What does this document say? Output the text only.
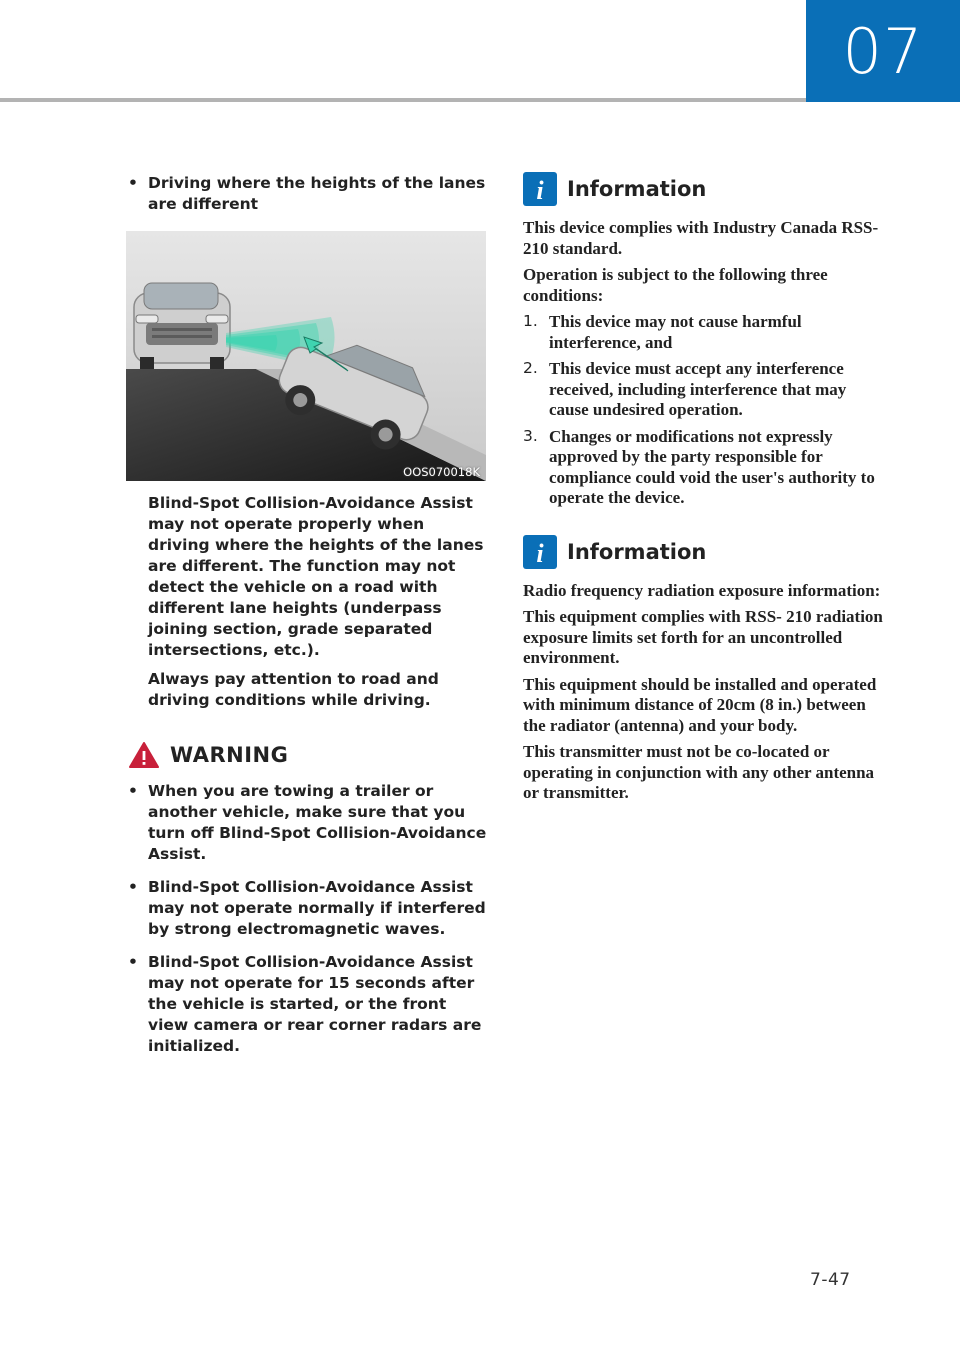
07
• Driving where the heights of the lanes are different
OOS070018K

Blind-Spot Collision-Avoidance Assist may not operate properly when driving where the heights of the lanes are different. The function may not detect the vehicle on a road with different lane heights (underpass joining section, grade separated intersections, etc.).

Always pay attention to road and driving conditions while driving.

WARNING
• When you are towing a trailer or another vehicle, make sure that you turn off Blind-Spot Collision-Avoidance Assist.
• Blind-Spot Collision-Avoidance Assist may not operate normally if interfered by strong electromagnetic waves.
• Blind-Spot Collision-Avoidance Assist may not operate for 15 seconds after the vehicle is started, or the front view camera or rear corner radars are initialized.
i Information

This device complies with Industry Canada RSS-210 standard.

Operation is subject to the following three conditions:

1. This device may not cause harmful interference, and

2. This device must accept any interference received, including interference that may cause undesired operation.

3. Changes or modifications not expressly approved by the party responsible for compliance could void the user's authority to operate the device.

i Information

Radio frequency radiation exposure information:

This equipment complies with RSS- 210 radiation exposure limits set forth for an uncontrolled environment.

This equipment should be installed and operated with minimum distance of 20cm (8 in.) between the radiator (antenna) and your body.

This transmitter must not be co-located or operating in conjunction with any other antenna or transmitter.

7-47
